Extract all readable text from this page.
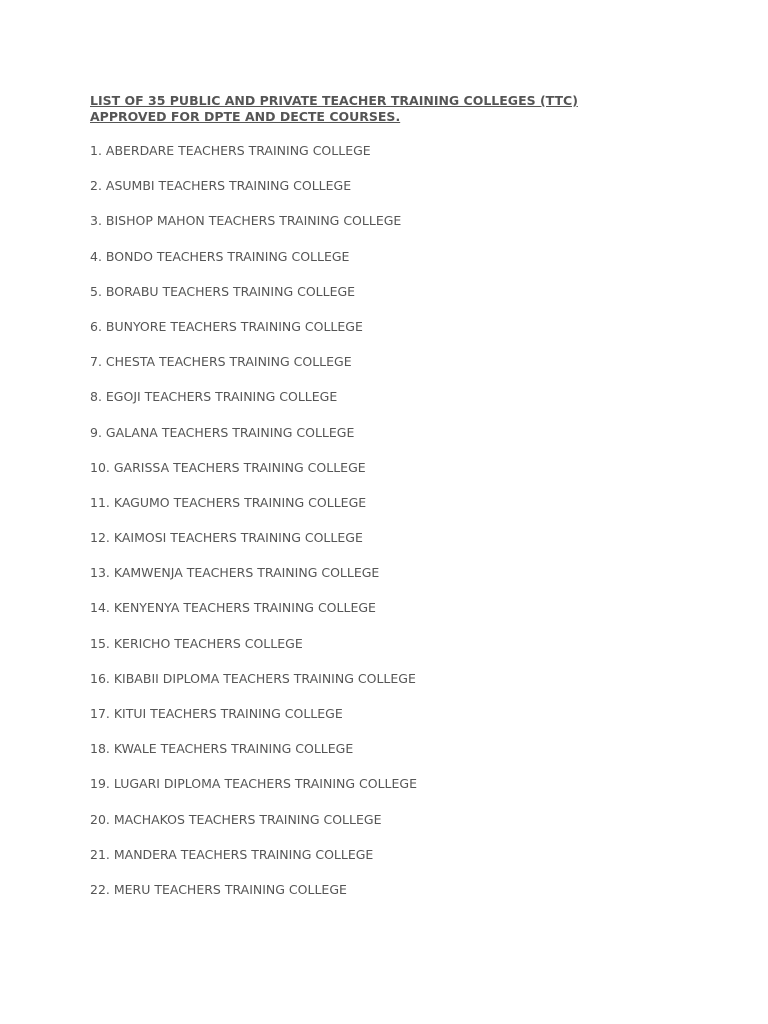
LIST OF 35 PUBLIC AND PRIVATE TEACHER TRAINING COLLEGES (TTC)
APPROVED FOR DPTE AND DECTE COURSES.
1. ABERDARE TEACHERS TRAINING COLLEGE
2. ASUMBI TEACHERS TRAINING COLLEGE
3. BISHOP MAHON TEACHERS TRAINING COLLEGE
4. BONDO TEACHERS TRAINING COLLEGE
5. BORABU TEACHERS TRAINING COLLEGE
6. BUNYORE TEACHERS TRAINING COLLEGE
7. CHESTA TEACHERS TRAINING COLLEGE
8. EGOJI TEACHERS TRAINING COLLEGE
9. GALANA TEACHERS TRAINING COLLEGE
10. GARISSA TEACHERS TRAINING COLLEGE
11. KAGUMO TEACHERS TRAINING COLLEGE
12. KAIMOSI TEACHERS TRAINING COLLEGE
13. KAMWENJA TEACHERS TRAINING COLLEGE
14. KENYENYA TEACHERS TRAINING COLLEGE
15. KERICHO TEACHERS COLLEGE
16. KIBABII DIPLOMA TEACHERS TRAINING COLLEGE
17. KITUI TEACHERS TRAINING COLLEGE
18. KWALE TEACHERS TRAINING COLLEGE
19. LUGARI DIPLOMA TEACHERS TRAINING COLLEGE
20. MACHAKOS TEACHERS TRAINING COLLEGE
21. MANDERA TEACHERS TRAINING COLLEGE
22. MERU TEACHERS TRAINING COLLEGE
